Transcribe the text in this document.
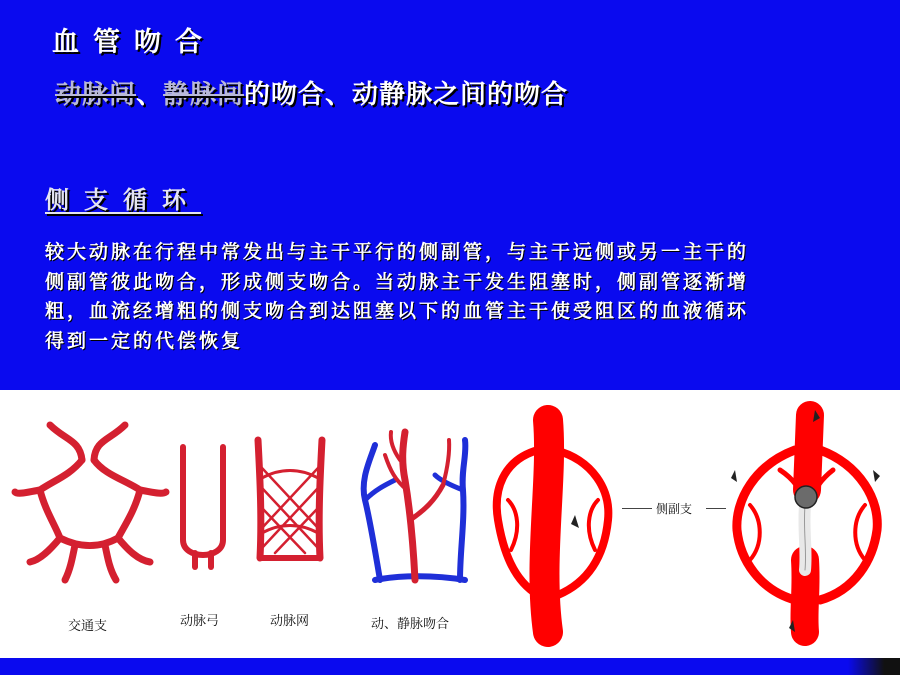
血管吻合
动脉间、静脉间的吻合、动静脉之间的吻合
侧支循环
较大动脉在行程中常发出与主干平行的侧副管，与主干远侧或另一主干的侧副管彼此吻合，形成侧支吻合。当动脉主干发生阻塞时，侧副管逐渐增粗，血流经增粗的侧支吻合到达阻塞以下的血管主干使受阻区的血液循环得到一定的代偿恢复
交通支	动脉弓	动脉网	动、静脉吻合
侧副支
